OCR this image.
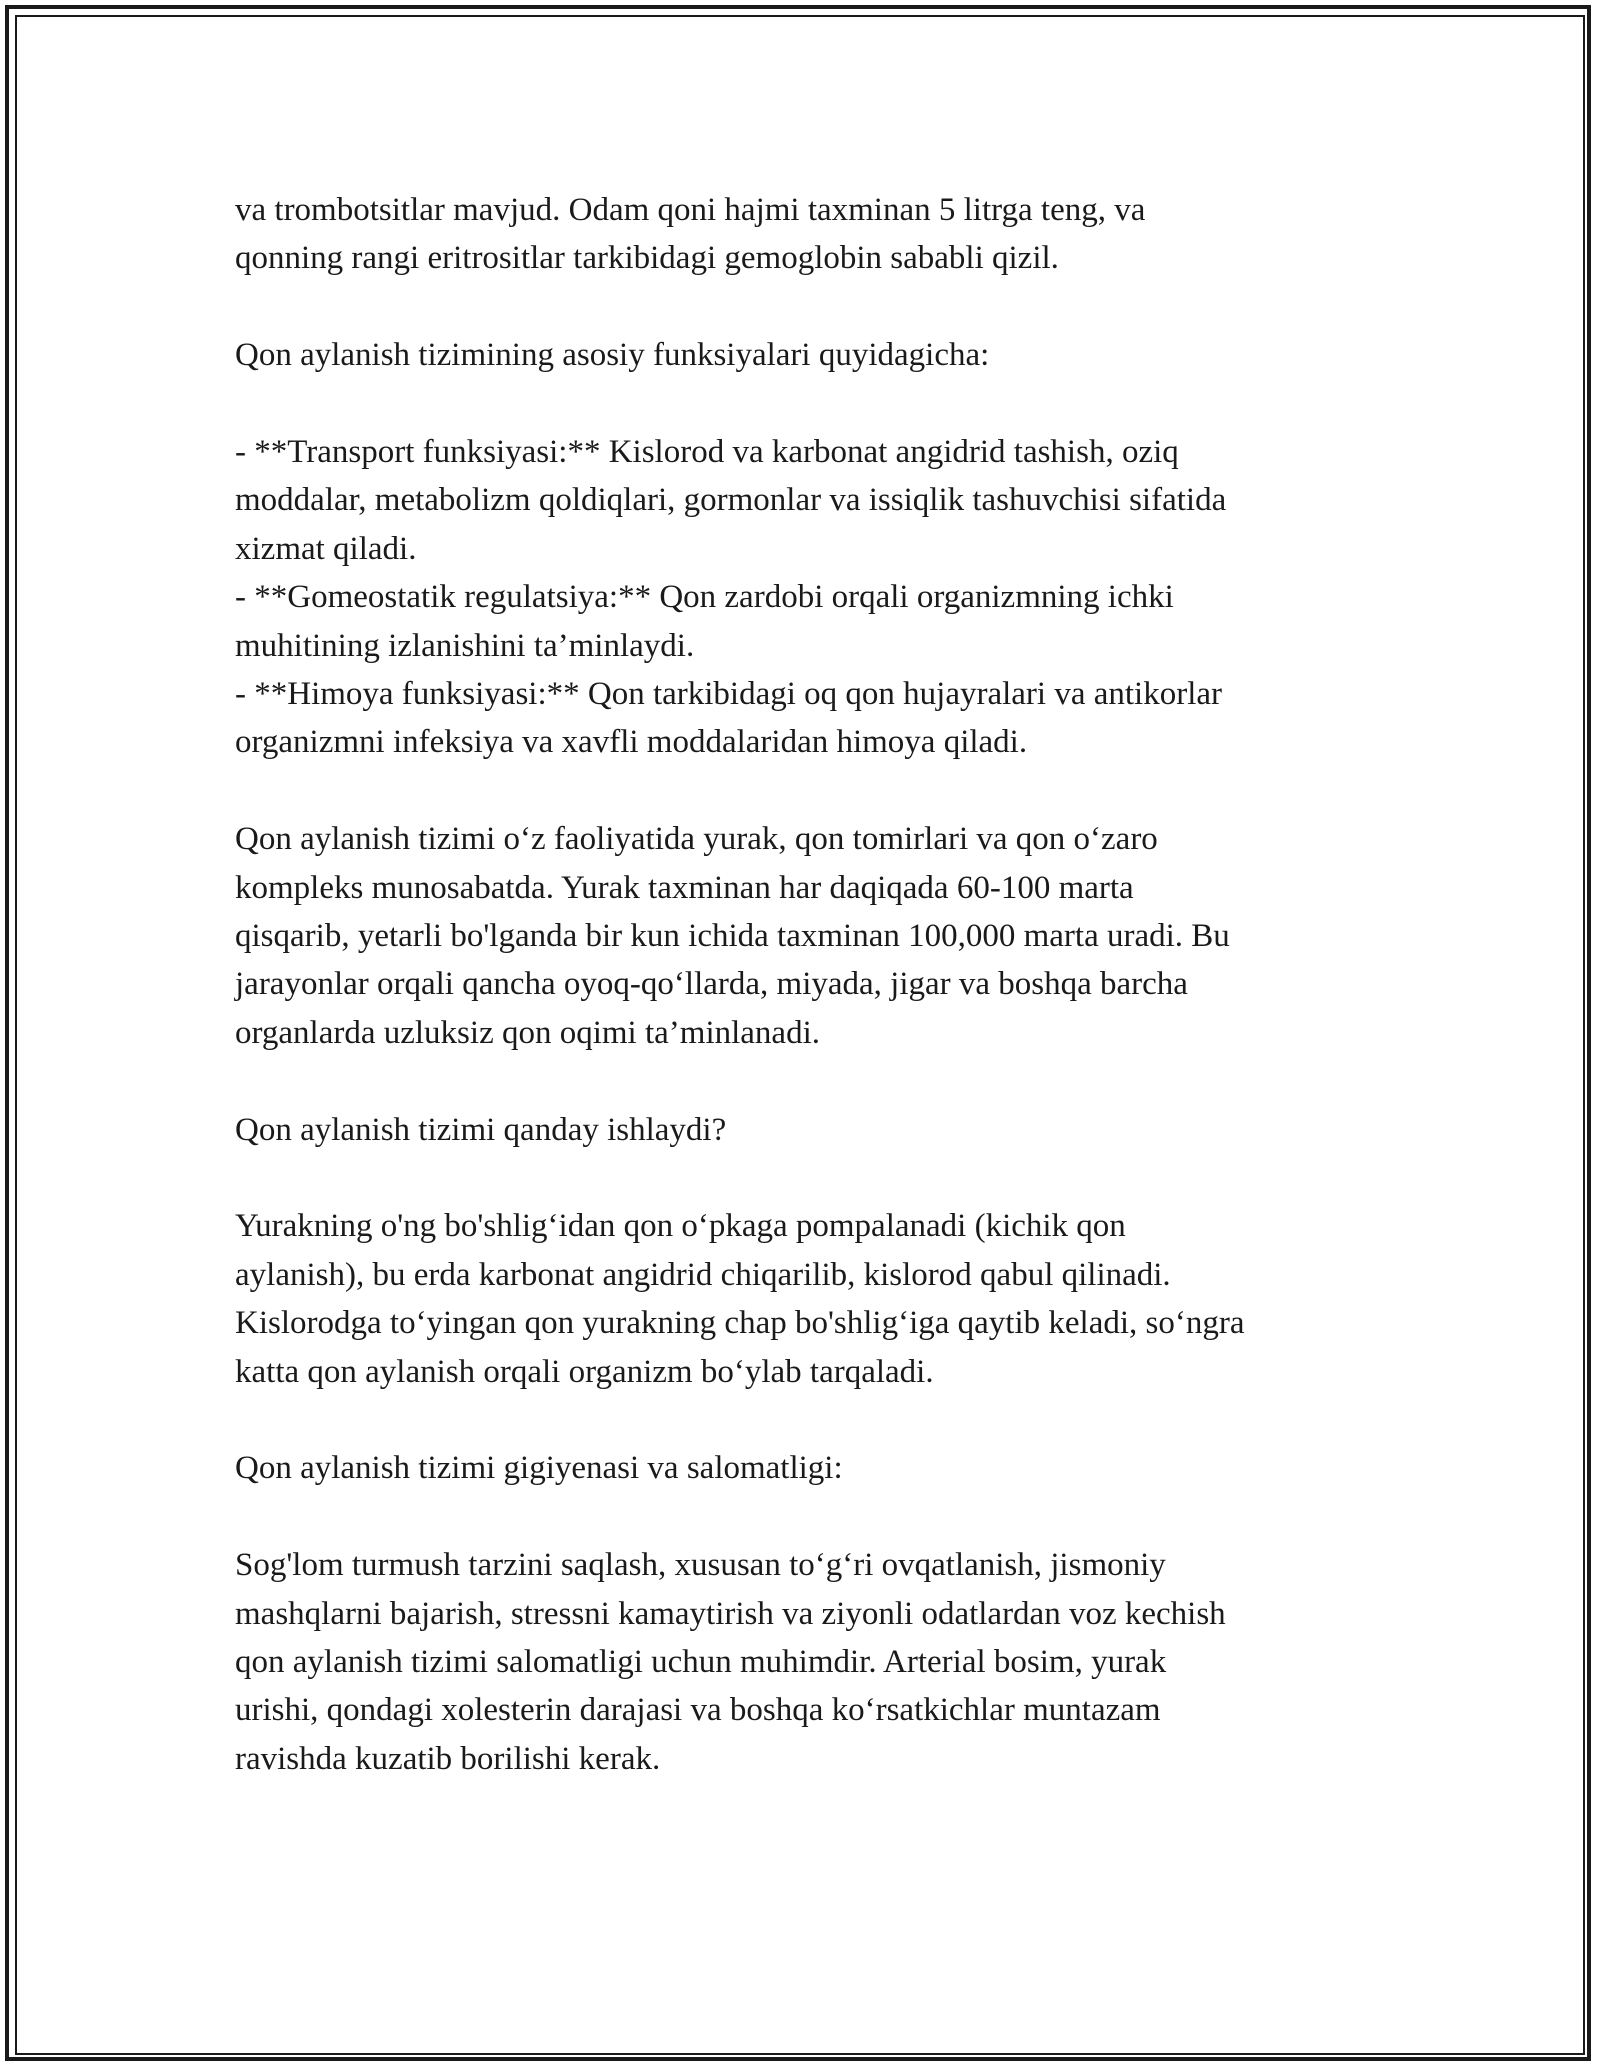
va trombotsitlar mavjud. Odam qoni hajmi taxminan 5 litrga teng, va
qonning rangi eritrositlar tarkibidagi gemoglobin sababli qizil.

Qon aylanish tizimining asosiy funksiyalari quyidagicha:

- **Transport funksiyasi:** Kislorod va karbonat angidrid tashish, oziq
moddalar, metabolizm qoldiqlari, gormonlar va issiqlik tashuvchisi sifatida
xizmat qiladi.
- **Gomeostatik regulatsiya:** Qon zardobi orqali organizmning ichki
muhitining izlanishini ta’minlaydi.
- **Himoya funksiyasi:** Qon tarkibidagi oq qon hujayralari va antikorlar
organizmni infeksiya va xavfli moddalaridan himoya qiladi.

Qon aylanish tizimi o‘z faoliyatida yurak, qon tomirlari va qon o‘zaro
kompleks munosabatda. Yurak taxminan har daqiqada 60-100 marta
qisqarib, yetarli bo'lganda bir kun ichida taxminan 100,000 marta uradi. Bu
jarayonlar orqali qancha oyoq-qo‘llarda, miyada, jigar va boshqa barcha
organlarda uzluksiz qon oqimi ta’minlanadi.

Qon aylanish tizimi qanday ishlaydi?

Yurakning o'ng bo'shlig‘idan qon o‘pkaga pompalanadi (kichik qon
aylanish), bu erda karbonat angidrid chiqarilib, kislorod qabul qilinadi.
Kislorodga to‘yingan qon yurakning chap bo'shlig‘iga qaytib keladi, so‘ngra
katta qon aylanish orqali organizm bo‘ylab tarqaladi.

Qon aylanish tizimi gigiyenasi va salomatligi:

Sog'lom turmush tarzini saqlash, xususan to‘g‘ri ovqatlanish, jismoniy
mashqlarni bajarish, stressni kamaytirish va ziyonli odatlardan voz kechish
qon aylanish tizimi salomatligi uchun muhimdir. Arterial bosim, yurak
urishi, qondagi xolesterin darajasi va boshqa ko‘rsatkichlar muntazam
ravishda kuzatib borilishi kerak.
